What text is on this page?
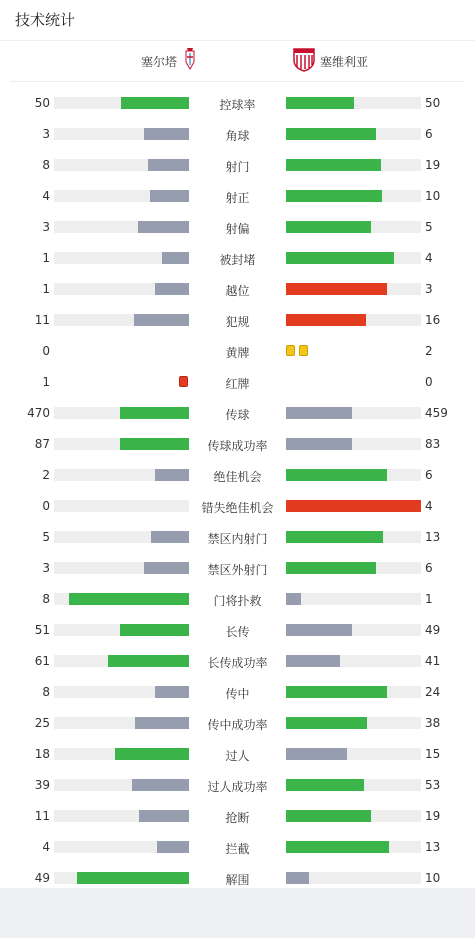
技术统计
塞尔塔	塞维利亚
50	控球率	50
3	角球	6
8	射门	19
4	射正	10
3	射偏	5
1	被封堵	4
1	越位	3
11	犯规	16
0	黄牌	2
1	红牌	0
470	传球	459
87	传球成功率	83
2	绝佳机会	6
0	错失绝佳机会	4
5	禁区内射门	13
3	禁区外射门	6
8	门将扑救	1
51	长传	49
61	长传成功率	41
8	传中	24
25	传中成功率	38
18	过人	15
39	过人成功率	53
11	抢断	19
4	拦截	13
49	解围	10
